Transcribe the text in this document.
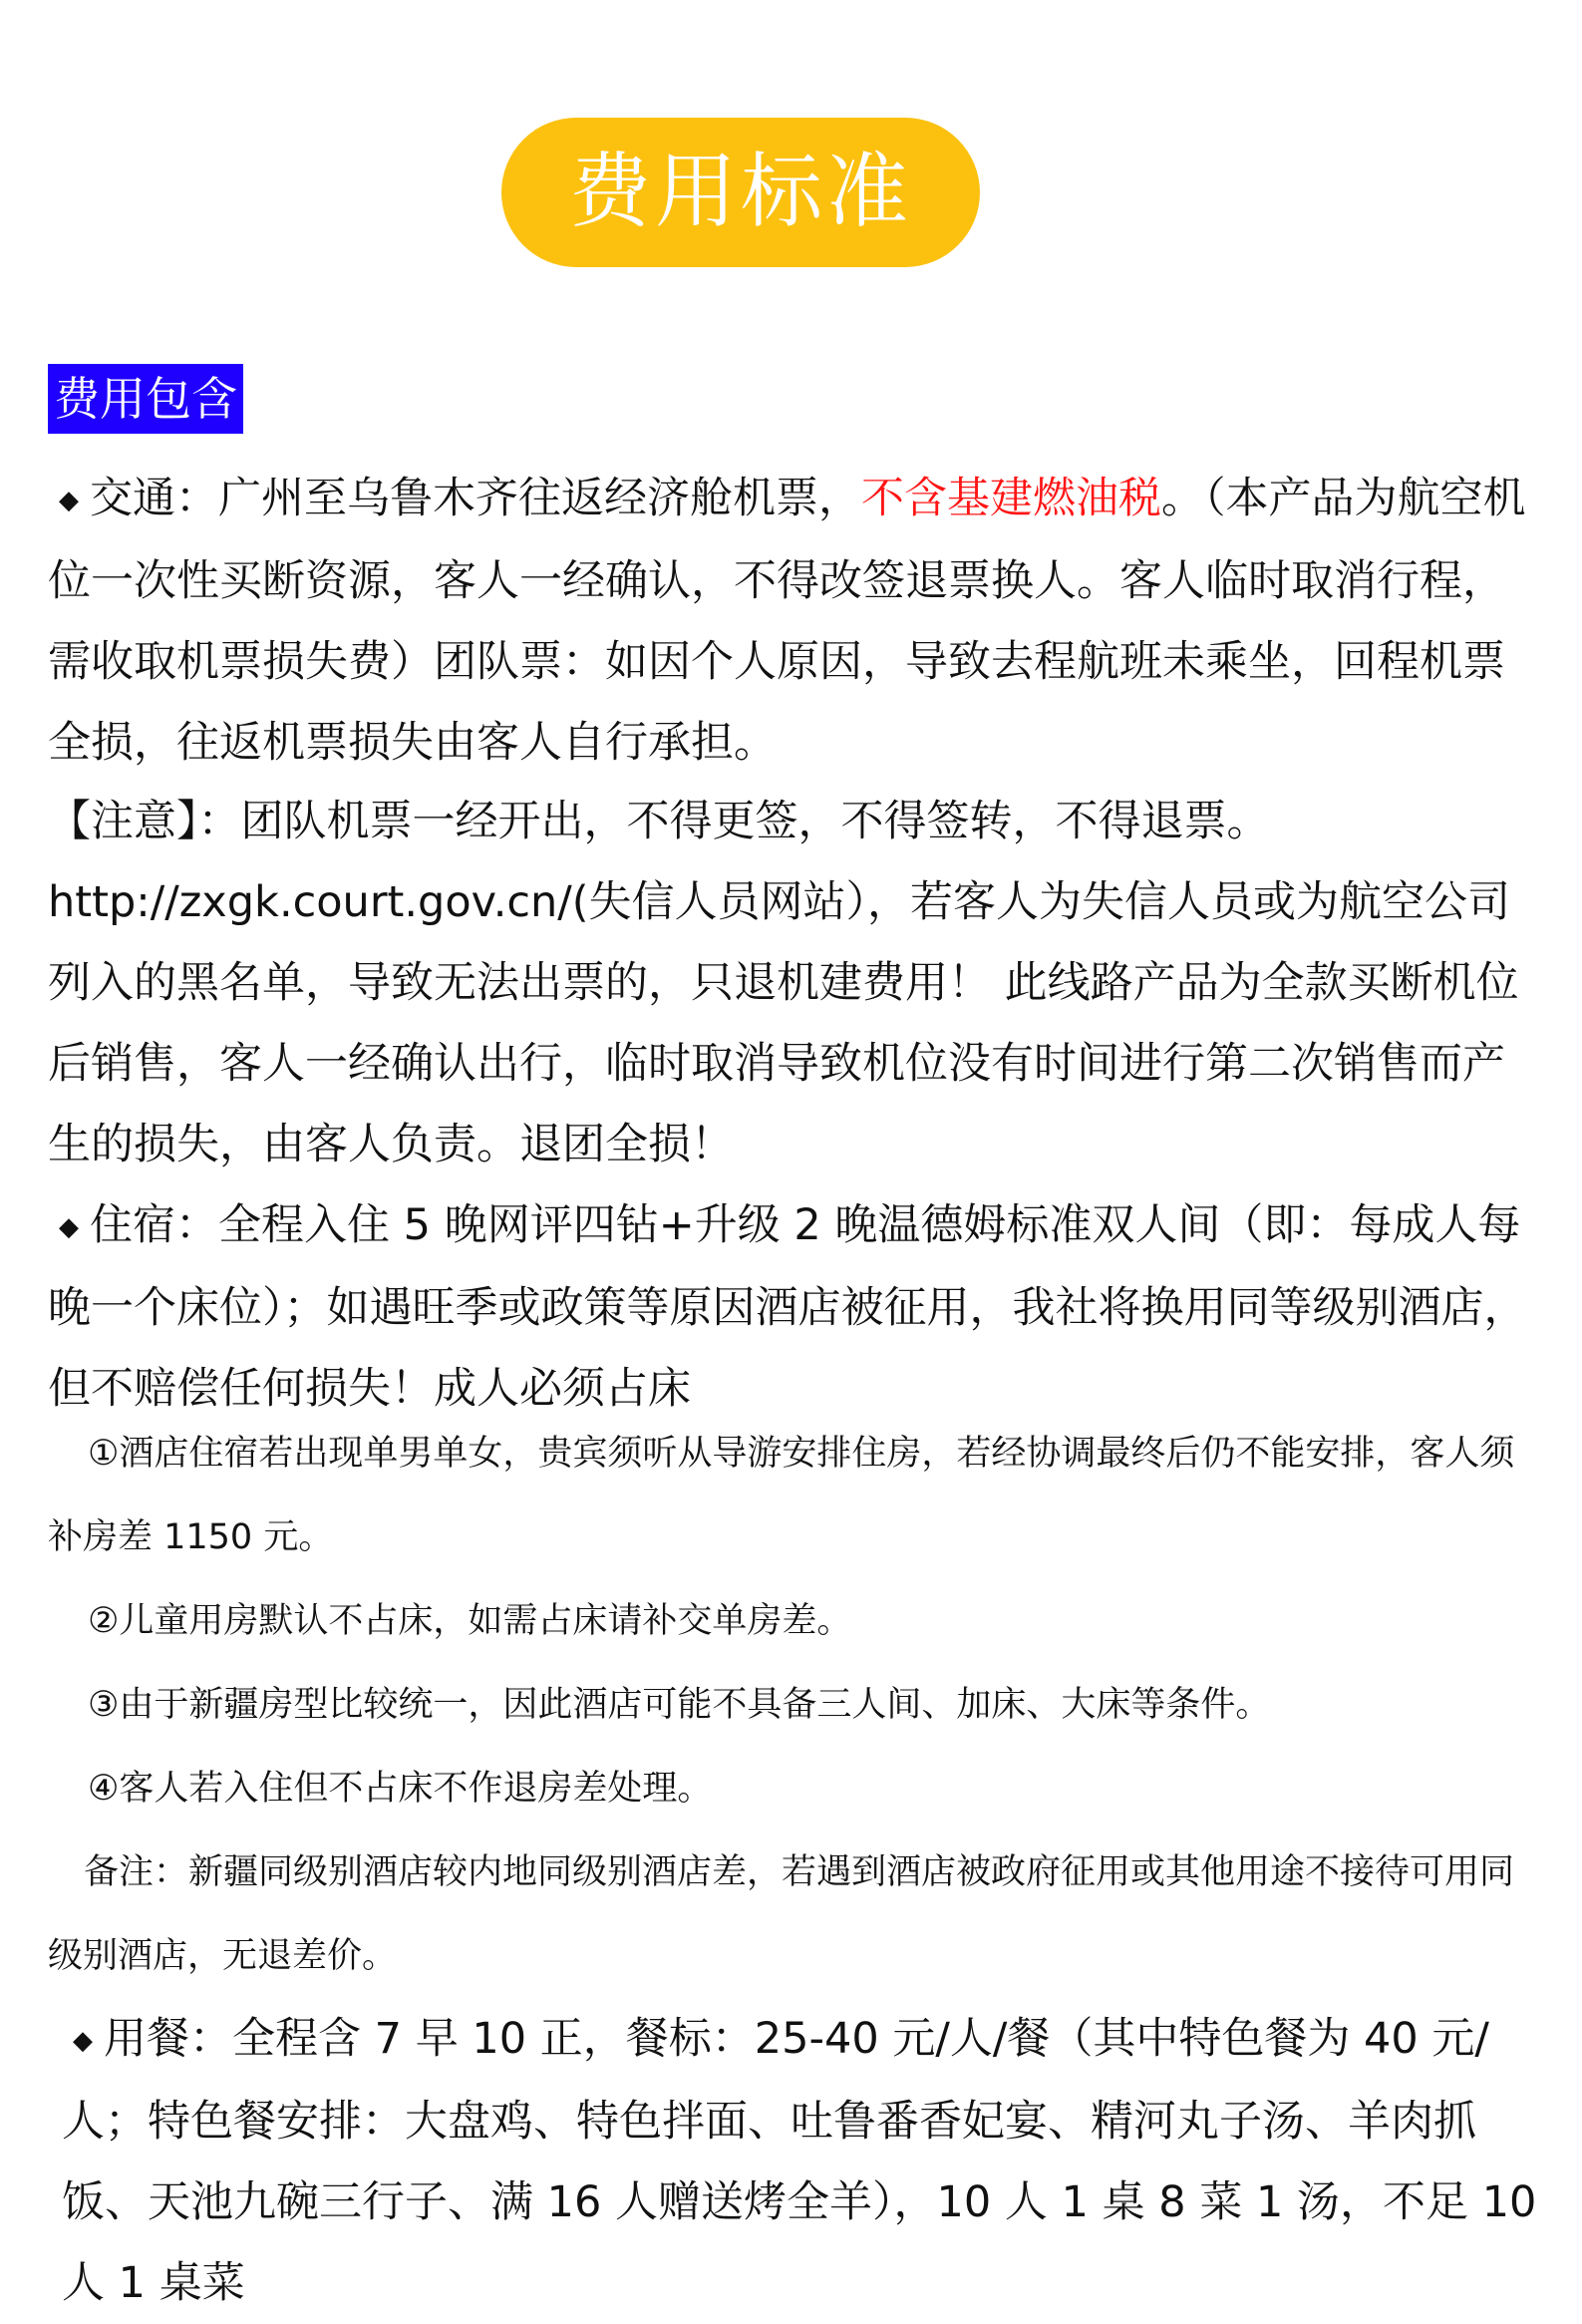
费用标准
费用包含

◆ 交通：广州至乌鲁木齐往返经济舱机票，不含基建燃油税。（本产品为航空机位一次性买断资源，客人一经确认，不得改签退票换人。客人临时取消行程，需收取机票损失费）团队票：如因个人原因，导致去程航班未乘坐，回程机票全损，往返机票损失由客人自行承担。

【注意】：团队机票一经开出，不得更签，不得签转，不得退票。

http://zxgk.court.gov.cn/(失信人员网站），若客人为失信人员或为航空公司列入的黑名单，导致无法出票的，只退机建费用！ 此线路产品为全款买断机位后销售，客人一经确认出行，临时取消导致机位没有时间进行第二次销售而产生的损失，由客人负责。退团全损！

◆ 住宿：全程入住 5 晚网评四钻+升级 2 晚温德姆标准双人间（即：每成人每晚一个床位）；如遇旺季或政策等原因酒店被征用，我社将换用同等级别酒店，但不赔偿任何损失！成人必须占床

①酒店住宿若出现单男单女，贵宾须听从导游安排住房，若经协调最终后仍不能安排，客人须补房差 1150 元。

②儿童用房默认不占床，如需占床请补交单房差。

③由于新疆房型比较统一，因此酒店可能不具备三人间、加床、大床等条件。

④客人若入住但不占床不作退房差处理。

备注：新疆同级别酒店较内地同级别酒店差，若遇到酒店被政府征用或其他用途不接待可用同级别酒店，无退差价。

◆ 用餐：全程含 7 早 10 正，餐标：25-40 元/人/餐（其中特色餐为 40 元/人；特色餐安排：大盘鸡、特色拌面、吐鲁番香妃宴、精河丸子汤、羊肉抓饭、天池九碗三行子、满 16 人赠送烤全羊），10 人 1 桌 8 菜 1 汤，不足 10 人 1 桌菜
